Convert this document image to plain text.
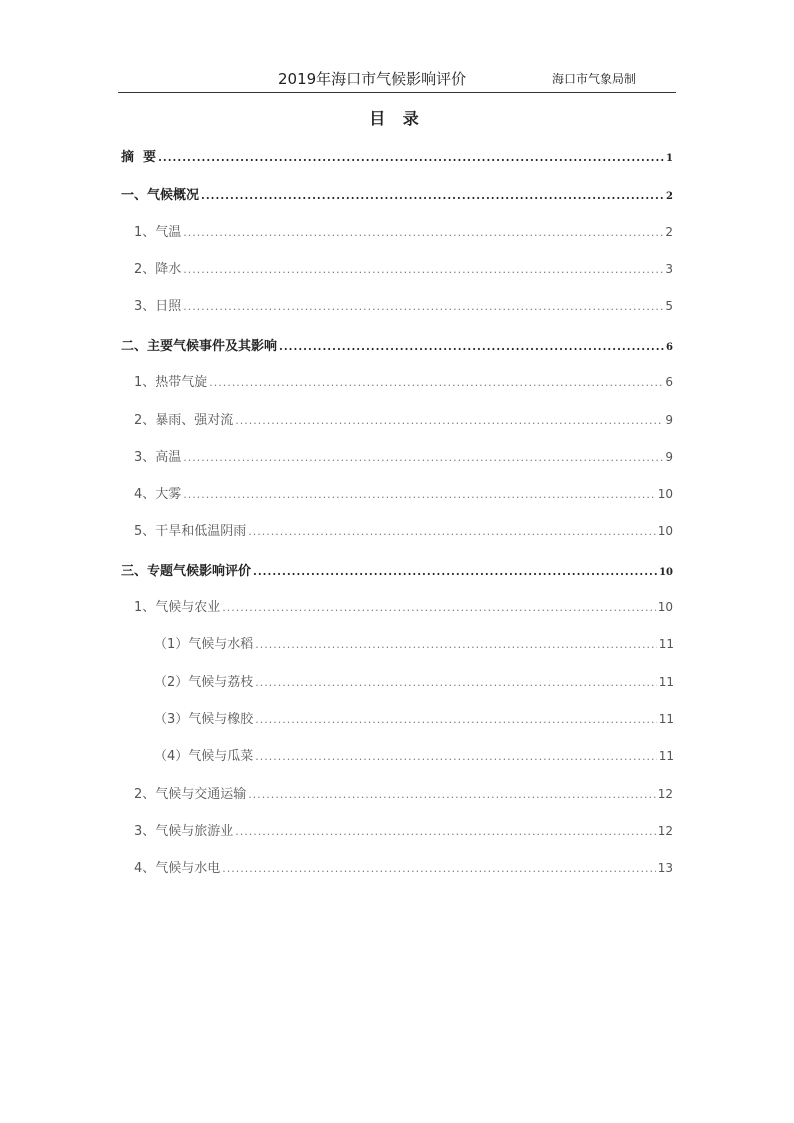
2019年海口市气候影响评价	海口市气象局制
目 录
摘  要 .....	1
一、气候概况 .....	2
1、气温 .....	2
2、降水 .....	3
3、日照 .....	5
二、主要气候事件及其影响 .....	6
1、热带气旋 .....	6
2、暴雨、强对流 .....	9
3、高温 .....	9
4、大雾 .....	10
5、干旱和低温阴雨 .....	10
三、专题气候影响评价 .....	10
1、气候与农业 .....	10
（1）气候与水稻 .....	11
（2）气候与荔枝 .....	11
（3）气候与橡胶 .....	11
（4）气候与瓜菜 .....	11
2、气候与交通运输 .....	12
3、气候与旅游业 .....	12
4、气候与水电 .....	13
